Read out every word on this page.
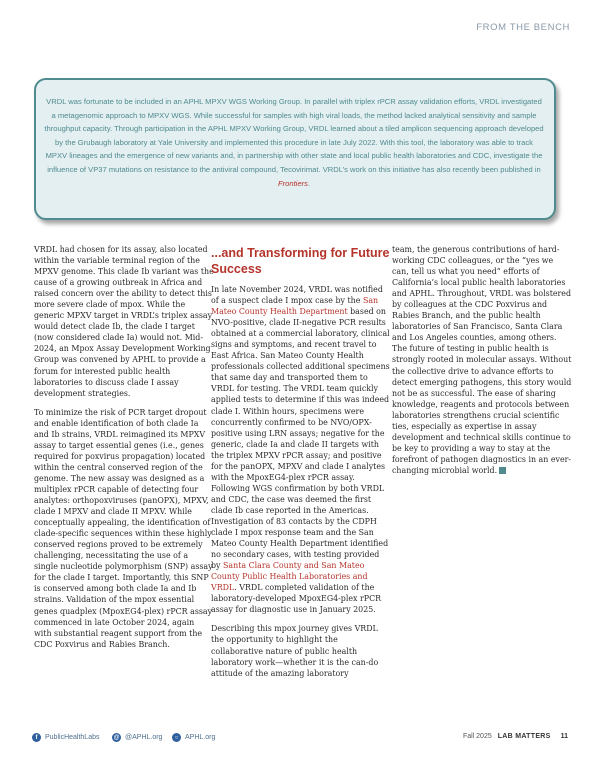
FROM THE BENCH
VRDL was fortunate to be included in an APHL MPXV WGS Working Group. In parallel with triplex rPCR assay validation efforts, VRDL investigated a metagenomic approach to MPXV WGS. While successful for samples with high viral loads, the method lacked analytical sensitivity and sample throughput capacity. Through participation in the APHL MPXV Working Group, VRDL learned about a tiled amplicon sequencing approach developed by the Grubaugh laboratory at Yale University and implemented this procedure in late July 2022. With this tool, the laboratory was able to track MPXV lineages and the emergence of new variants and, in partnership with other state and local public health laboratories and CDC, investigate the influence of VP37 mutations on resistance to the antiviral compound, Tecovirimat. VRDL’s work on this initiative has also recently been published in Frontiers.

VRDL had chosen for its assay, also located within the variable terminal region of the MPXV genome. This clade Ib variant was the cause of a growing outbreak in Africa and raised concern over the ability to detect this more severe clade of mpox. While the generic MPXV target in VRDL’s triplex assay would detect clade Ib, the clade I target (now considered clade Ia) would not. Mid-2024, an Mpox Assay Development Working Group was convened by APHL to provide a forum for interested public health laboratories to discuss clade I assay development strategies.

To minimize the risk of PCR target dropout and enable identification of both clade Ia and Ib strains, VRDL reimagined its MPXV assay to target essential genes (i.e., genes required for poxvirus propagation) located within the central conserved region of the genome. The new assay was designed as a multiplex rPCR capable of detecting four analytes: orthopoxviruses (panOPX), MPXV, clade I MPXV and clade II MPXV. While conceptually appealing, the identification of clade-specific sequences within these highly conserved regions proved to be extremely challenging, necessitating the use of a single nucleotide polymorphism (SNP) assay for the clade I target. Importantly, this SNP is conserved among both clade Ia and Ib strains. Validation of the mpox essential genes quadplex (MpoxEG4-plex) rPCR assay commenced in late October 2024, again with substantial reagent support from the CDC Poxvirus and Rabies Branch.

...and Transforming for Future Success

In late November 2024, VRDL was notified of a suspect clade I mpox case by the San Mateo County Health Department based on NVO-positive, clade II-negative PCR results obtained at a commercial laboratory, clinical signs and symptoms, and recent travel to East Africa. San Mateo County Health professionals collected additional specimens that same day and transported them to VRDL for testing. The VRDL team quickly applied tests to determine if this was indeed clade I. Within hours, specimens were concurrently confirmed to be NVO/OPX-positive using LRN assays; negative for the generic, clade Ia and clade II targets with the triplex MPXV rPCR assay; and positive for the panOPX, MPXV and clade I analytes with the MpoxEG4-plex rPCR assay. Following WGS confirmation by both VRDL and CDC, the case was deemed the first clade Ib case reported in the Americas. Investigation of 83 contacts by the CDPH clade I mpox response team and the San Mateo County Health Department identified no secondary cases, with testing provided by Santa Clara County and San Mateo County Public Health Laboratories and VRDL. VRDL completed validation of the laboratory-developed MpoxEG4-plex rPCR assay for diagnostic use in January 2025.

Describing this mpox journey gives VRDL the opportunity to highlight the collaborative nature of public health laboratory work—whether it is the can-do attitude of the amazing laboratory

team, the generous contributions of hard-working CDC colleagues, or the “yes we can, tell us what you need” efforts of California’s local public health laboratories and APHL. Throughout, VRDL was bolstered by colleagues at the CDC Poxvirus and Rabies Branch, and the public health laboratories of San Francisco, Santa Clara and Los Angeles counties, among others. The future of testing in public health is strongly rooted in molecular assays. Without the collective drive to advance efforts to detect emerging pathogens, this story would not be as successful. The ease of sharing knowledge, reagents and protocols between laboratories strengthens crucial scientific ties, especially as expertise in assay development and technical skills continue to be key to providing a way to stay at the forefront of pathogen diagnostics in an ever-changing microbial world.

f	PublicHealthLabs @ @APHL.org	○ APHL.org	Fall 2025 LAB MATTERS 11
